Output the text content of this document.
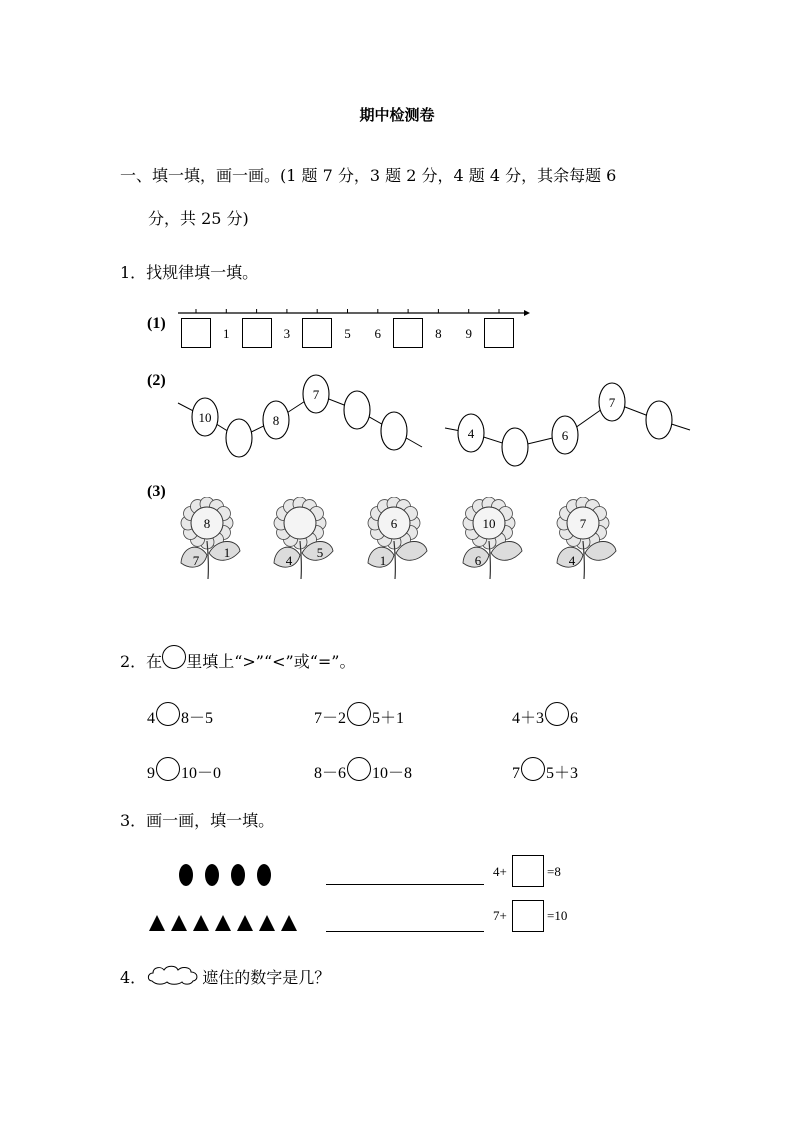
期中检测卷
一、填一填，画一画。(1 题 7 分，3 题 2 分，4 题 4 分，其余每题 6
分，共 25 分)
1．找规律填一填。
(1)
1	3	5	6	8	9
(2)
10	8
7
4	6
7
(3)
8
7
1
4
5
6
1
10
6
7
4
2．在 里填上“>”“<”或“=”。
4 8－5	7－2 5＋1	4＋3 6
9 10－0	8－6 10－8	7 5＋3
3．画一画，填一填。
4+	=8
7+	=10
4．	遮住的数字是几？
